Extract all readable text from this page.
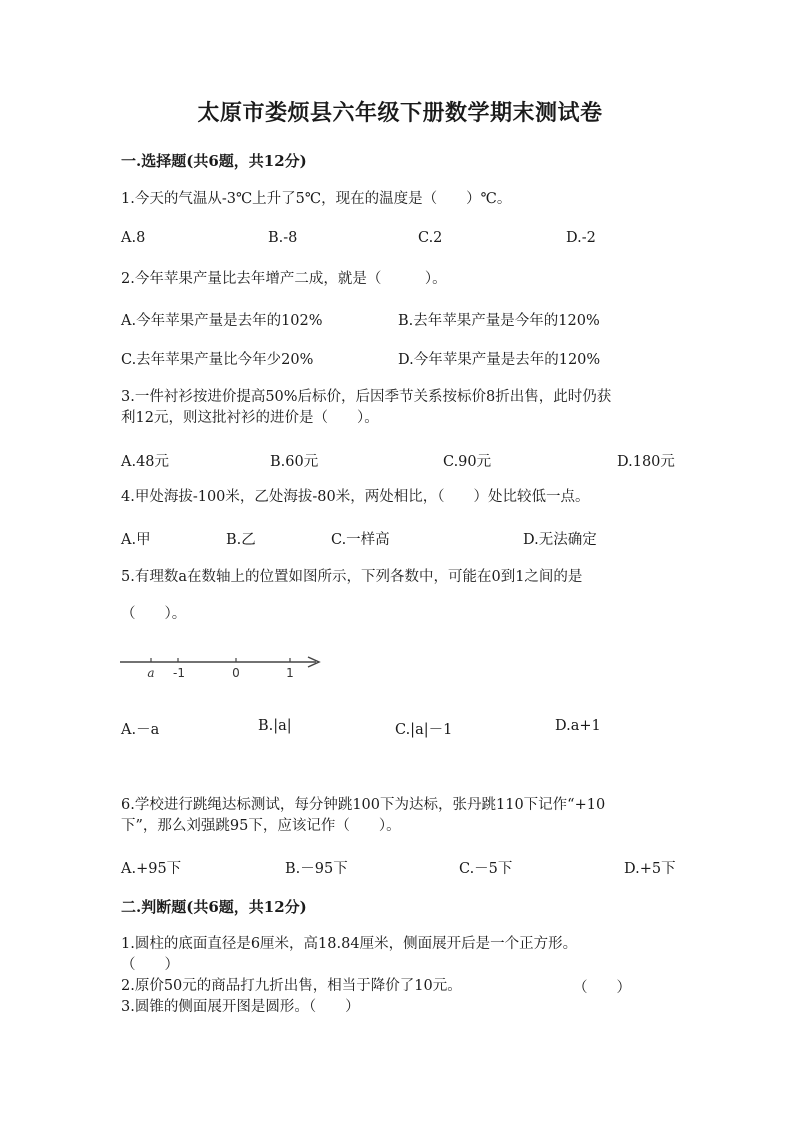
太原市娄烦县六年级下册数学期末测试卷
一.选择题(共6题，共12分)
1.今天的气温从-3℃上升了5℃，现在的温度是（　　）℃。
A.8	B.-8	C.2	D.-2
2.今年苹果产量比去年增产二成，就是（　　　）。
A.今年苹果产量是去年的102%	B.去年苹果产量是今年的120%
C.去年苹果产量比今年少20%	D.今年苹果产量是去年的120%
3.一件衬衫按进价提高50%后标价，后因季节关系按标价8折出售，此时仍获
利12元，则这批衬衫的进价是（　　）。
A.48元	B.60元	C.90元	D.180元
4.甲处海拔-100米，乙处海拔-80米，两处相比，（　　）处比较低一点。
A.甲	B.乙	C.一样高	D.无法确定
5.有理数a在数轴上的位置如图所示，下列各数中，可能在0到1之间的是
（　　）。
a -1	0	1
A.－a	B.|a|	C.|a|－1	D.a+1
6.学校进行跳绳达标测试，每分钟跳100下为达标，张丹跳110下记作“+10
下”，那么刘强跳95下，应该记作（　　）。
A.+95下	B.－95下	C.－5下	D.+5下
二.判断题(共6题，共12分)
1.圆柱的底面直径是6厘米，高18.84厘米，侧面展开后是一个正方形。
（　　）
2.原价50元的商品打九折出售，相当于降价了10元。	（　　）
3.圆锥的侧面展开图是圆形。（　　）
